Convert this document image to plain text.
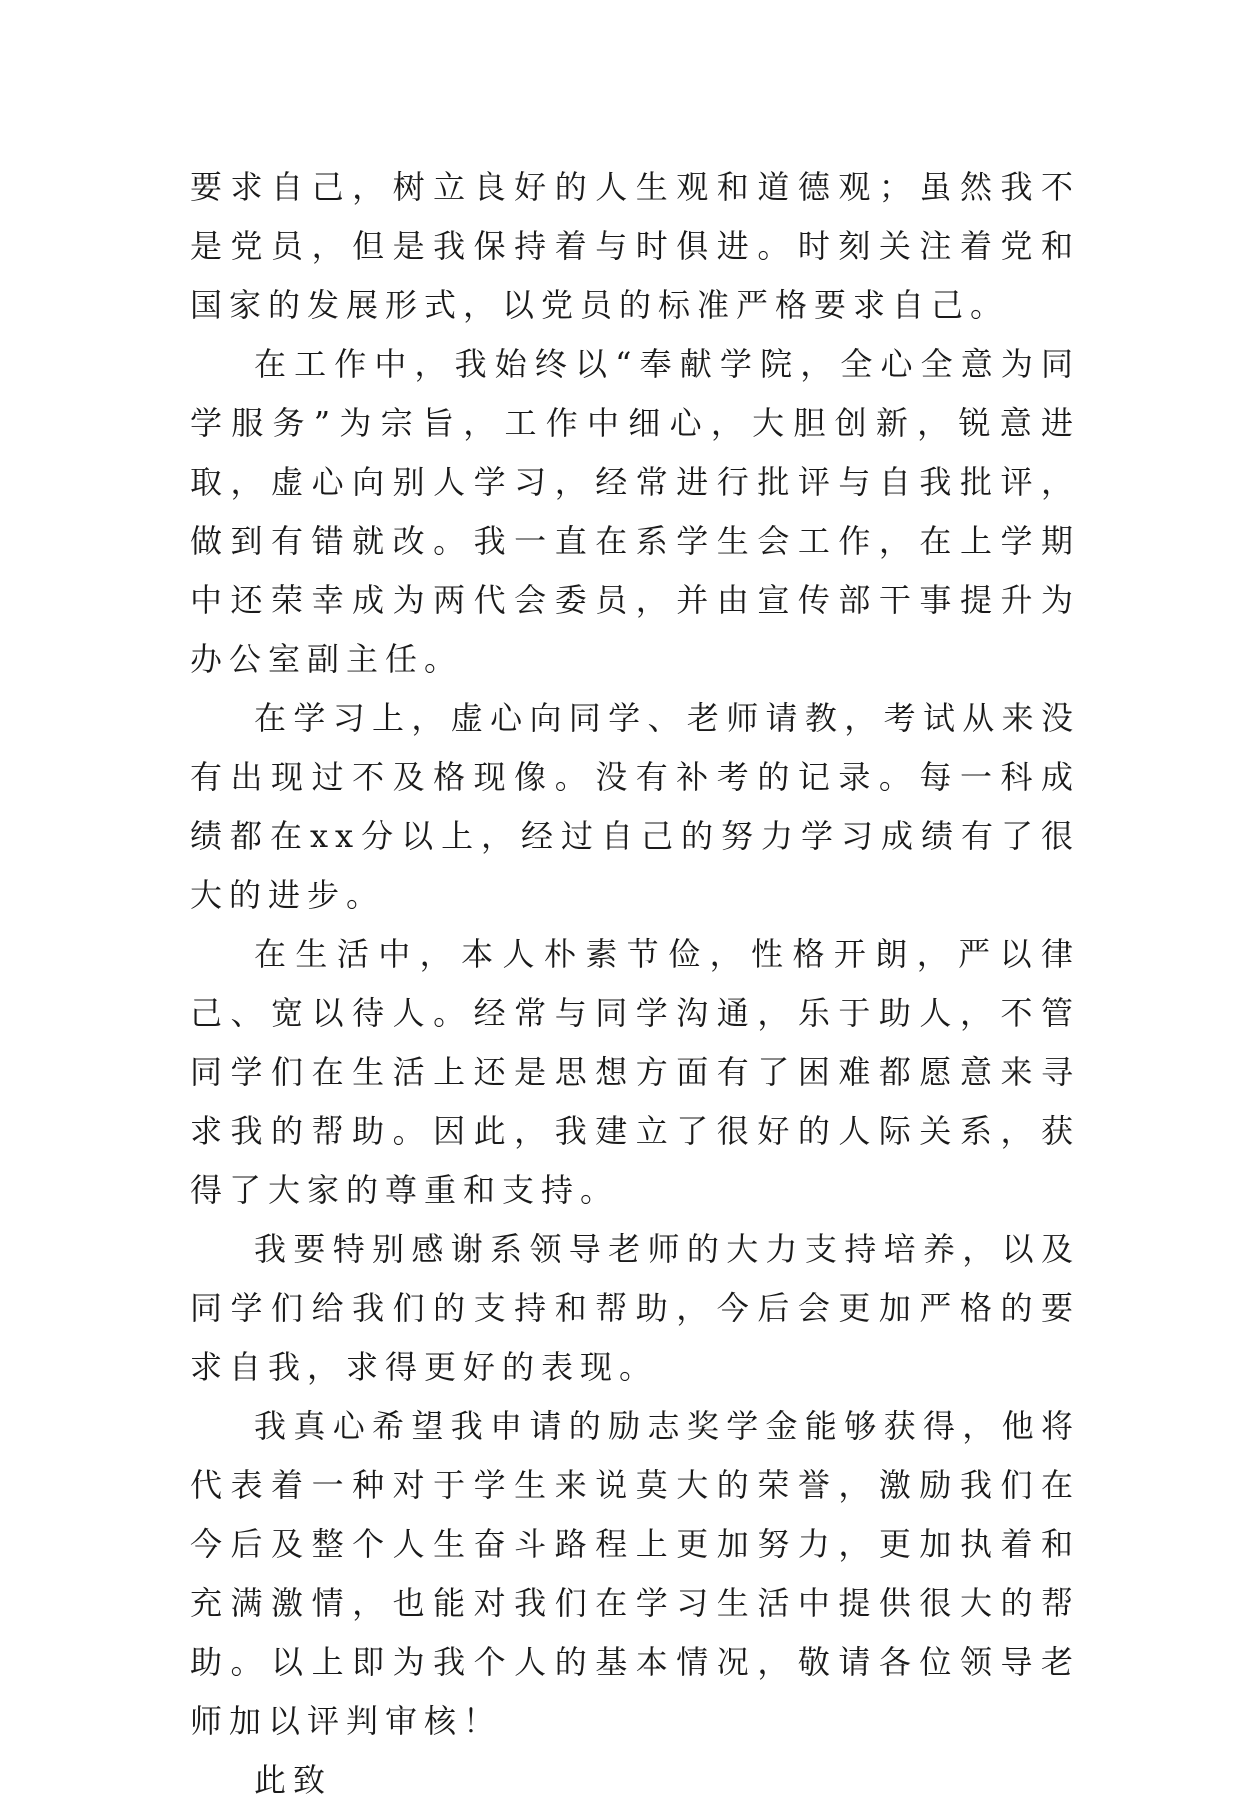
要求自己，树立良好的人生观和道德观；虽然我不是党员，但是我保持着与时俱进。时刻关注着党和国家的发展形式，以党员的标准严格要求自己。

在工作中，我始终以“奉献学院，全心全意为同学服务”为宗旨，工作中细心，大胆创新，锐意进取，虚心向别人学习，经常进行批评与自我批评，做到有错就改。我一直在系学生会工作，在上学期中还荣幸成为两代会委员，并由宣传部干事提升为办公室副主任。

在学习上，虚心向同学、老师请教，考试从来没有出现过不及格现像。没有补考的记录。每一科成绩都在xx分以上，经过自己的努力学习成绩有了很大的进步。

在生活中，本人朴素节俭，性格开朗，严以律己、宽以待人。经常与同学沟通，乐于助人，不管同学们在生活上还是思想方面有了困难都愿意来寻求我的帮助。因此，我建立了很好的人际关系，获得了大家的尊重和支持。

我要特别感谢系领导老师的大力支持培养，以及同学们给我们的支持和帮助，今后会更加严格的要求自我，求得更好的表现。

我真心希望我申请的励志奖学金能够获得，他将代表着一种对于学生来说莫大的荣誉，激励我们在今后及整个人生奋斗路程上更加努力，更加执着和充满激情，也能对我们在学习生活中提供很大的帮助。以上即为我个人的基本情况，敬请各位领导老师加以评判审核！

此致
